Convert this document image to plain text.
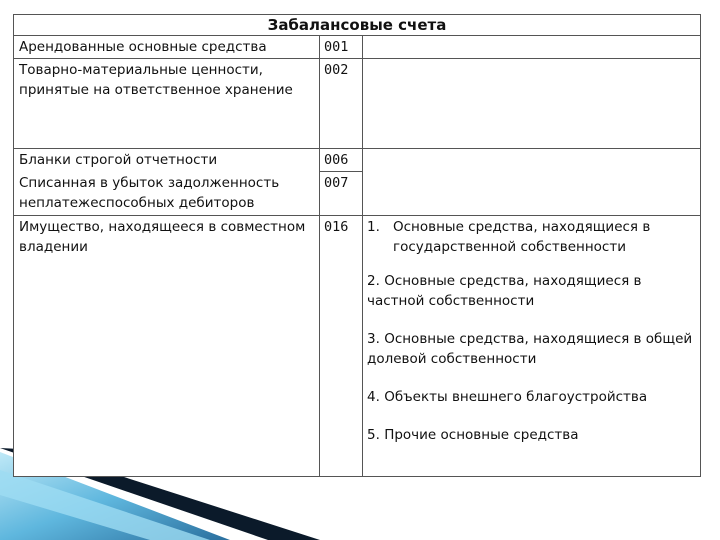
Забалансовые счета		
Арендованные основные средства	001	
Товарно-материальные ценности, принятые на ответственное хранение	002	
Бланки строгой отчетности	006	
Списанная в убыток задолженность неплатежеспособных дебиторов	007	
Имущество, находящееся в совместном владении	016	1. Основные средства, находящиеся в государственной собственности
2. Основные средства, находящиеся в частной собственности
3. Основные средства, находящиеся в общей долевой собственности
4. Объекты внешнего благоустройства
5. Прочие основные средства
